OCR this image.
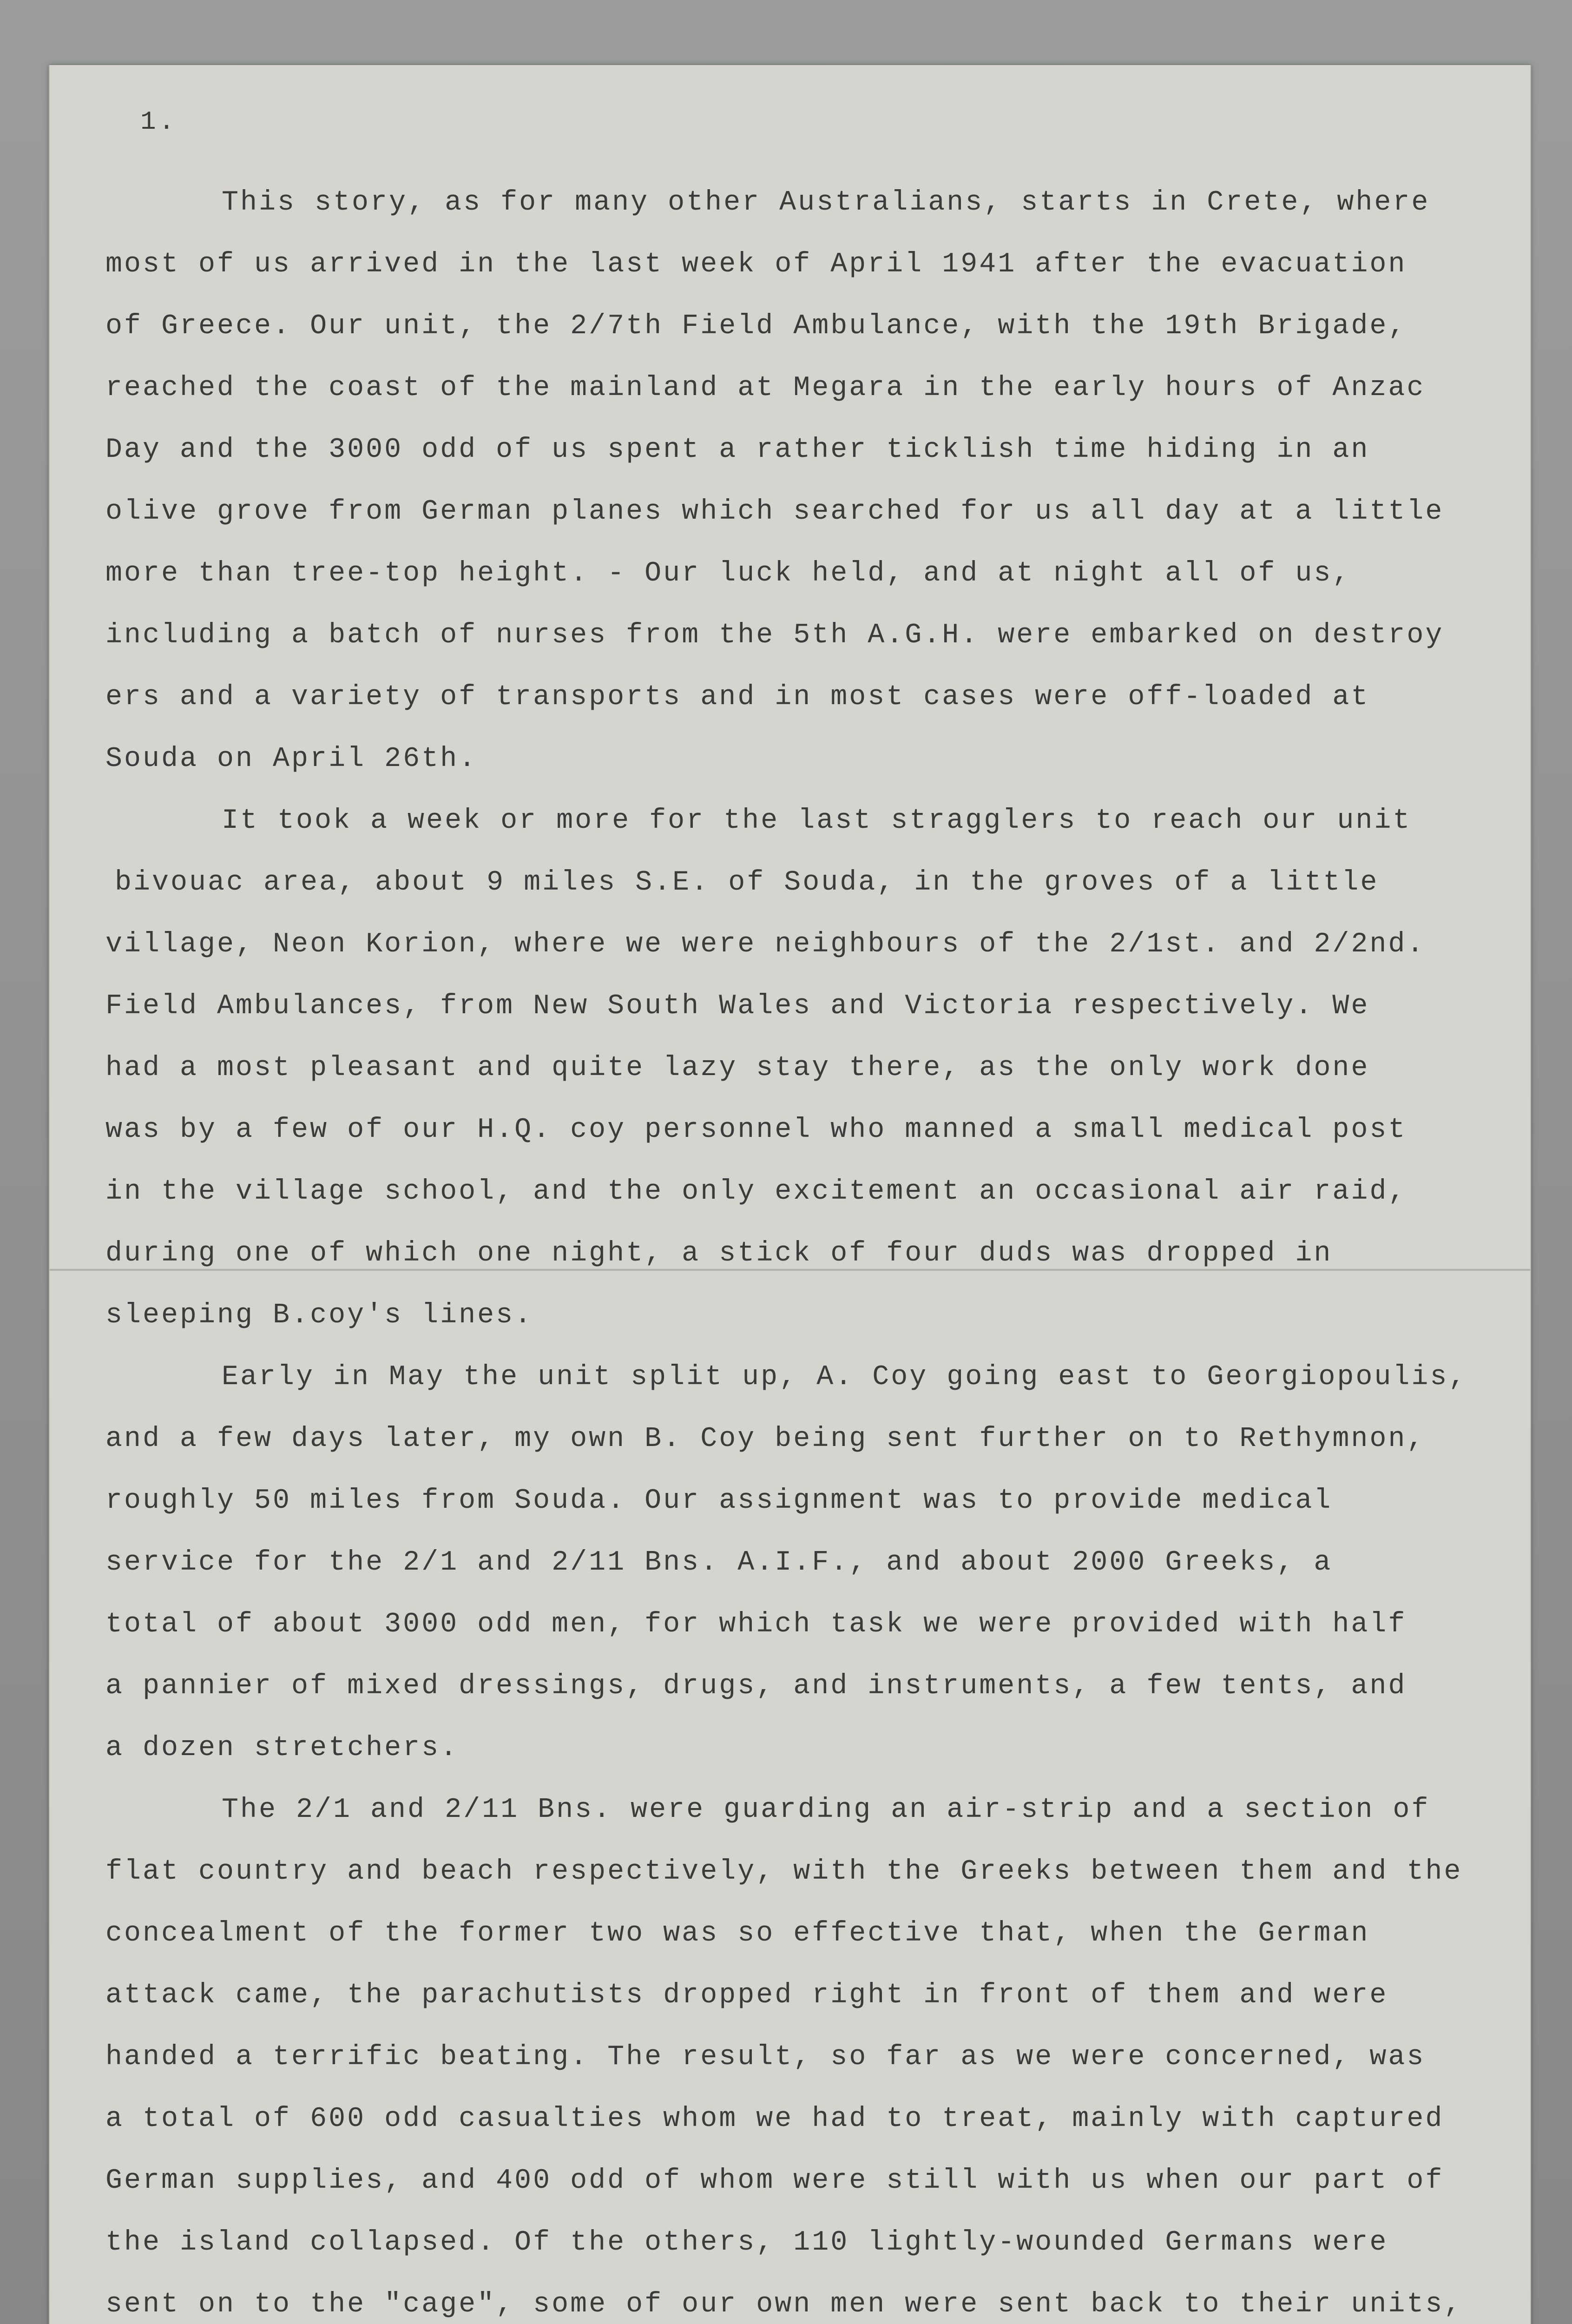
1.
This story, as for many other Australians, starts in Crete, where
most of us arrived in the last week of April 1941 after the evacuation
of Greece. Our unit, the 2/7th Field Ambulance, with the 19th Brigade,
reached the coast of the mainland at Megara in the early hours of Anzac
Day and the 3000 odd of us spent a rather ticklish time hiding in an
olive grove from German planes which searched for us all day at a little
more than tree-top height. - Our luck held, and at night all of us,
including a batch of nurses from the 5th A.G.H. were embarked on destroy
ers and a variety of transports and in most cases were off-loaded at
Souda on April 26th.
It took a week or more for the last stragglers to reach our unit
bivouac area, about 9 miles S.E. of Souda, in the groves of a little
village, Neon Korion, where we were neighbours of the 2/1st. and 2/2nd.
Field Ambulances, from New South Wales and Victoria respectively. We
had a most pleasant and quite lazy stay there, as the only work done
was by a few of our H.Q. coy personnel who manned a small medical post
in the village school, and the only excitement an occasional air raid,
during one of which one night, a stick of four duds was dropped in
sleeping B.coy's lines.
Early in May the unit split up, A. Coy going east to Georgiopoulis,
and a few days later, my own B. Coy being sent further on to Rethymnon,
roughly 50 miles from Souda. Our assignment was to provide medical
service for the 2/1 and 2/11 Bns. A.I.F., and about 2000 Greeks, a
total of about 3000 odd men, for which task we were provided with half
a pannier of mixed dressings, drugs, and instruments, a few tents, and
a dozen stretchers.
The 2/1 and 2/11 Bns. were guarding an air-strip and a section of
flat country and beach respectively, with the Greeks between them and the
concealment of the former two was so effective that, when the German
attack came, the parachutists dropped right in front of them and were
handed a terrific beating. The result, so far as we were concerned, was
a total of 600 odd casualties whom we had to treat, mainly with captured
German supplies, and 400 odd of whom were still with us when our part of
the island collapsed. Of the others, 110 lightly-wounded Germans were
sent on to the "cage", some of our own men were sent back to their units,
